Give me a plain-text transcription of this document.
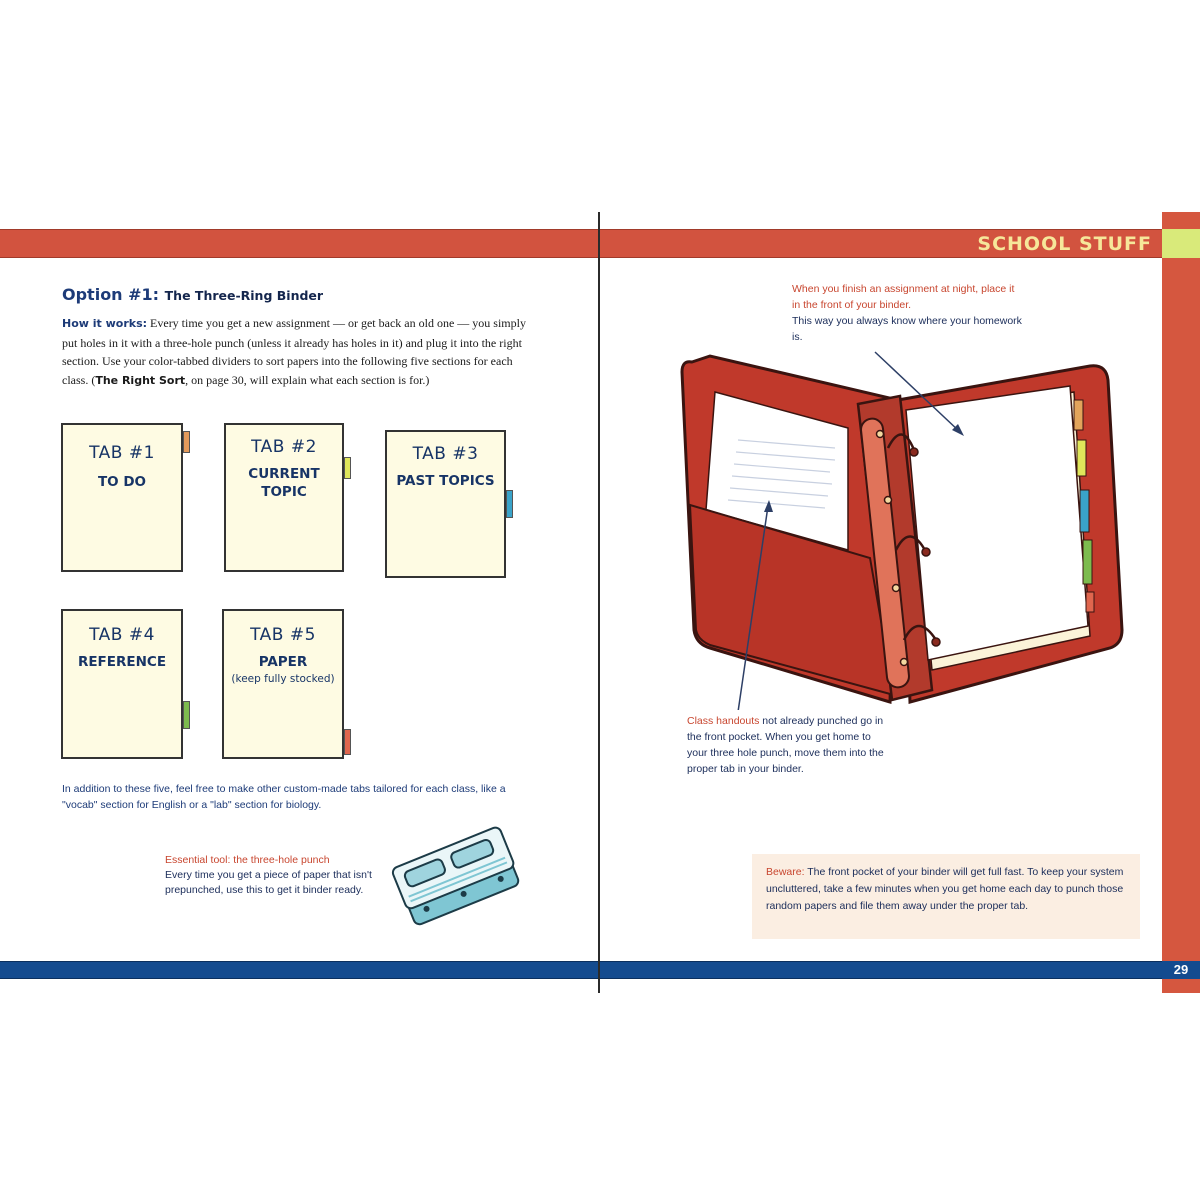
SCHOOL STUFF
29
Option #1: The Three-Ring Binder
How it works: Every time you get a new assignment — or get back an old one — you simply put holes in it with a three-hole punch (unless it already has holes in it) and plug it into the right section. Use your color-tabbed dividers to sort papers into the following five sections for each class. (The Right Sort, on page 30, will explain what each section is for.)
TAB #1
TO DO
TAB #2
CURRENT TOPIC
TAB #3
PAST TOPICS
TAB #4
REFERENCE
TAB #5
PAPER
(keep fully stocked)
In addition to these five, feel free to make other custom-made tabs tailored for each class, like a "vocab" section for English or a "lab" section for biology.
Essential tool: the three-hole punch
Every time you get a piece of paper that isn't prepunched, use this to get it binder ready.
When you finish an assignment at night, place it in the front of your binder.
This way you always know where your homework is.
Class handouts not already punched go in the front pocket. When you get home to your three hole punch, move them into the proper tab in your binder.
Beware: The front pocket of your binder will get full fast. To keep your system uncluttered, take a few minutes when you get home each day to punch those random papers and file them away under the proper tab.
